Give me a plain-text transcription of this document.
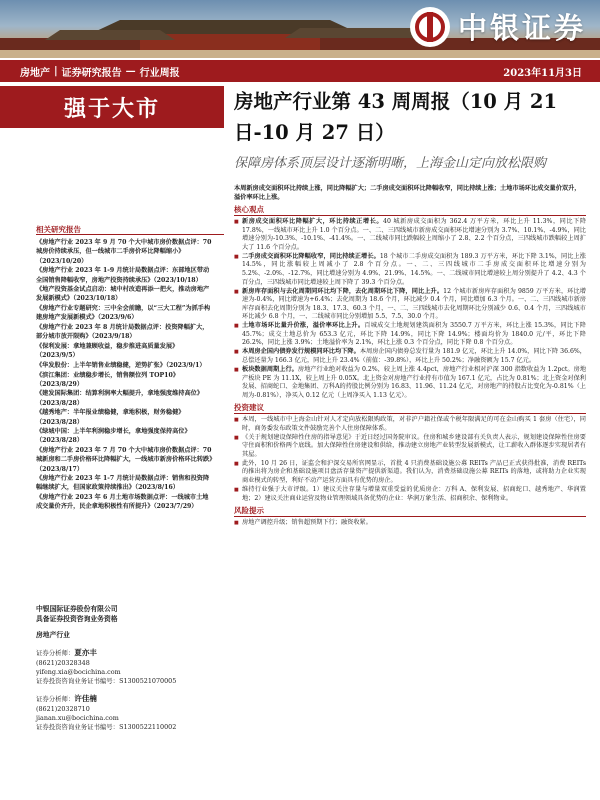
中银证券
房地产 | 证券研究报告 — 行业周报	2023年11月3日
强于大市
相关研究报告
《房地产行业 2023 年 9 月 70 个大中城市房价数据点评：70 城房价持续承压，但一线城市二手房价环比降幅缩小》（2023/10/20）
《房地产行业 2023 年 1-9 月统计局数据点评：东部地区带动全国销售降幅收窄，房地产投资持续承压》（2023/10/18）
《地产投资基金试点启动：城中村改造再添一把火，推动房地产发展新模式》（2023/10/18）
《房地产行业专题研究：三中全会前瞻，以“三大工程”为抓手构建房地产发展新模式》（2023/9/6）
《房地产行业 2023 年 8 月统计局数据点评：投资降幅扩大，部分城市放开限购》（2023/9/18）
《保利发展：拿地兼顾收益，稳步推进高质量发展》（2023/9/5）
《华发股份：上半年销售业绩稳健，逆势扩张》（2023/9/1）
《滨江集团：业绩稳步增长，销售额位列 TOP10》（2023/8/29）
《建发国际集团：结算利润率大幅提升，拿地强度维持高位》（2023/8/28）
《越秀地产：半年报业绩稳健，拿地积极，财务稳健》（2023/8/28）
《绿城中国：上半年利润稳步增长，拿地强度保持高位》（2023/8/28）
《房地产行业 2023 年 7 月 70 个大中城市房价数据点评：70 城新房和二手房价格环比降幅扩大，一线城市新房价格环比转跌》（2023/8/17）
《房地产行业 2023 年 1-7 月统计局数据点评：销售和投资降幅继续扩大，但国家政策持续推出》（2023/8/16）
《房地产行业 2023 年 6 月土地市场数据点评：一线城市土地成交量价齐升，民企拿地积极性有所提升》（2023/7/29）
中银国际证券股份有限公司
具备证券投资咨询业务资格
房地产行业
证券分析师：夏亦丰
(8621)20328348
yifeng.xia@bocichina.com
证券投资咨询业务证书编号：S1300521070005
证券分析师：许佳楠
(8621)20328710
jianan.xu@bocichina.com
证券投资咨询业务证书编号：S1300522110002
房地产行业第 43 周周报（10 月 21 日-10 月 27 日）
保障房体系顶层设计逐渐明晰，上海金山定向放松限购

本周新房成交面积环比持续上涨，同比降幅扩大；二手房成交面积环比降幅收窄，同比持续上涨；土地市场环比成交量价双升，溢价率环比上涨。

核心观点
■ 新房成交面积环比降幅扩大，环比持续正增长。40 城新房成交面积为 362.4 万平方米，环比上升 11.3%，同比下降 17.8%，一线城市环比上升 1.0 个百分点。一、二、三四线城市新房成交面积环比增速分别为 3.7%、10.1%、-4.9%，同比增速分别为-10.3%、-10.1%、-41.4%。一、二线城市同比跌幅较上周缩小了 2.8、2.2 个百分点，三四线城市跌幅较上周扩大了 11.6 个百分点。
■ 二手房成交面积环比降幅收窄，同比持续正增长。18 个城市二手房成交面积为 189.3 万平方米，环比下降 3.1%，同比上涨 14.5%，同比涨幅较上周减小了 2.8 个百分点。一、二、三四线城市二手房成交面积环比增速分别为 5.2%、-2.0%、-12.7%，同比增速分别为 4.9%、21.9%、14.5%。一、二线城市同比增速较上周分别提升了 4.2、4.3 个百分点，三四线城市同比增速较上周下降了 39.3 个百分点。
■ 新房库存面积与去化周期同环比均下降，去化周期环比下降，同比上升。12 个城市新房库存面积为 9859 万平方米，环比增速为-0.4%，同比增速为+6.4%；去化周期为 18.6 个月，环比减少 0.4 个月，同比增加 6.3 个月。一、二、三四线城市新房库存面积去化周期分别为 18.3、17.3、60.3 个月，一、二、三四线城市去化周期环比分别减少 0.6、0.4 个月，三四线城市环比减少 6.8 个月，一、二线城市同比分别增加 5.5、7.5、30.0 个月。
■ 土地市场环比量升价涨，溢价率环比上升。百城成交土地规划建筑面积为 3550.7 万平方米，环比上涨 15.3%，同比下降 45.7%；成交土地总价为 653.3 亿元，环比下降 14.9%，同比下降 14.9%；楼面均价为 1840.0 元/平，环比下降 26.2%，同比上涨 3.9%；土地溢价率为 2.1%，环比上涨 0.3 个百分点，同比下降 0.8 个百分点。
■ 本周房企国内债券发行规模同环比均下降。本周房企国内债券总发行量为 181.9 亿元，环比上升 14.0%，同比下降 36.6%，总偿还量为 166.3 亿元，同比上升 23.4%（前值：-39.8%），环比上升 50.2%；净融资额为 15.7 亿元。
■ 板块数据周期上行。房地产行业绝对收益为 0.2%，较上周上涨 4.4pct，房地产行业相对沪深 300 指数收益为 1.2pct。房地产板块 PE 为 11.1X，较上周上升 0.05X。北上资金对房地产行业持有市值为 167.1 亿元，占比为 0.81%；北上资金对保利发展、招商蛇口、金地集团、万科A的持股比例分别为 16.83、11.96、11.24 亿元，对房地产的持股占比变化为-0.81%（上周为-0.81%），净买入 0.12 亿元（上周净买入 1.13 亿元）。
投资建议
■ 本周，一线城市中上海金山针对人才定向放松限购政策，对非沪户籍社保或个税年限满足的可在金山购买 1 套房（住宅），同时，商务委发布政策文件鼓励完善个人住房保障体系。
■ 《关于规划建设保障性住房的指导意见》于近日经过国务院审议。住房和城乡建设部有关负责人表示，规划建设保障性住房要守住面积和价格两个底线。加大保障性住房建设和供给，推动建立房地产业转型发展新模式，让工薪收入群体逐步实现居者有其屋。
■ 此外，10 月 26 日，证监会和沪深交易所官网显示，首批 4 只消费基础设施公募 REITs 产品已正式获得批准，消费 REITs 的推出将为房企和基础设施项目盘活存量资产提供新渠道。我们认为，消费基础设施公募 REITs 的落地，或将助力企业实现商业模式的转型，利好不动产运营方面具有优势的房企。
■ 维持行业强于大市评级。1）建议关注存量与增量双重受益的优质房企：万科 A、保利发展、招商蛇口、越秀地产、华润置地；2）建议关注商业运营及物业管理领域具备优势的企业：华润万象生活、招商积余、保利物业。
风险提示
■ 房地产调控升级；销售超预期下行；融资收紧。
